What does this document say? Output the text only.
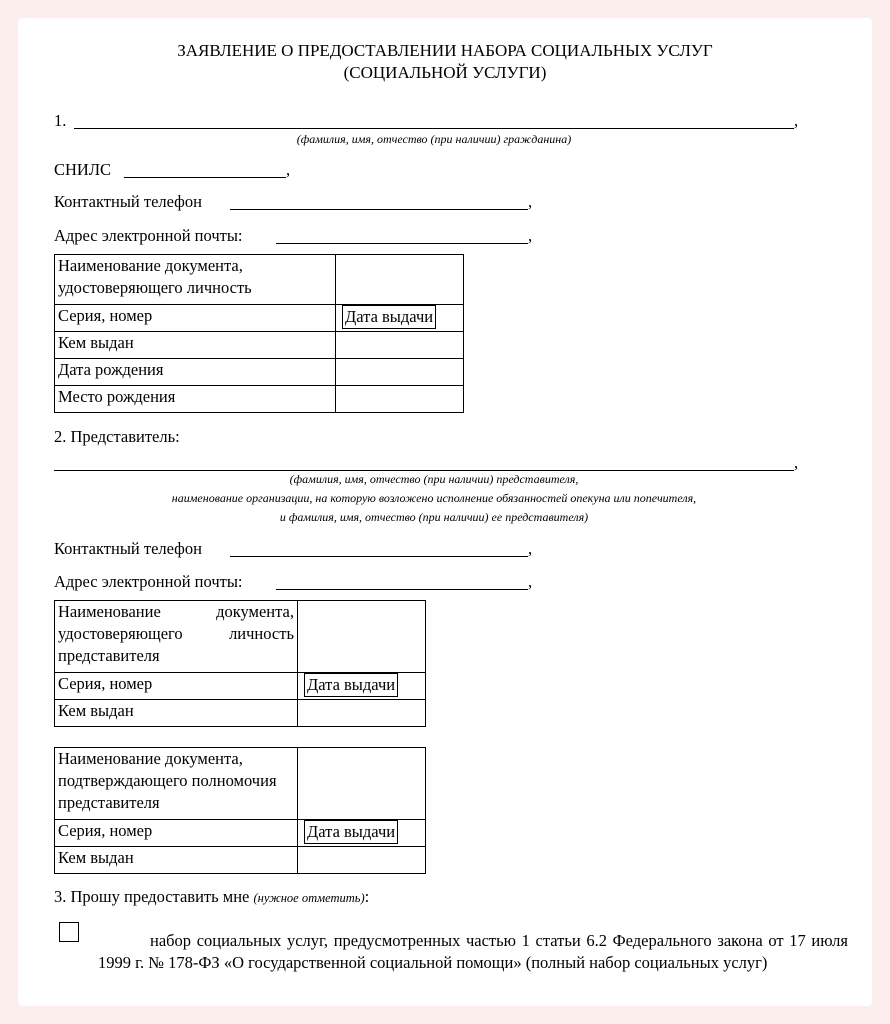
ЗАЯВЛЕНИЕ О ПРЕДОСТАВЛЕНИИ НАБОРА СОЦИАЛЬНЫХ УСЛУГ
(СОЦИАЛЬНОЙ УСЛУГИ)
1.	,
(фамилия, имя, отчество (при наличии) гражданина)
СНИЛС	,
Контактный телефон	,
Адрес электронной почты:	,
Наименование документа, удостоверяющего личность		
Серия, номер	Дата выдачи	
Кем выдан		
Дата рождения		
Место рождения		
2. Представитель:
,
(фамилия, имя, отчество (при наличии) представителя,
наименование организации, на которую возложено исполнение обязанностей опекуна или попечителя,
и фамилия, имя, отчество (при наличии) ее представителя)
Контактный телефон	,
Адрес электронной почты:	,
Наименование документа, удостоверяющего личность представителя		
Серия, номер	Дата выдачи	
Кем выдан		
Наименование документа, подтверждающего полномочия представителя		
Серия, номер	Дата выдачи	
Кем выдан		
3. Прошу предоставить мне (нужное отметить):
набор социальных услуг, предусмотренных частью 1 статьи 6.2 Федерального закона от 17 июля 1999 г. № 178-ФЗ «О государственной социальной помощи» (полный набор социальных услуг)
